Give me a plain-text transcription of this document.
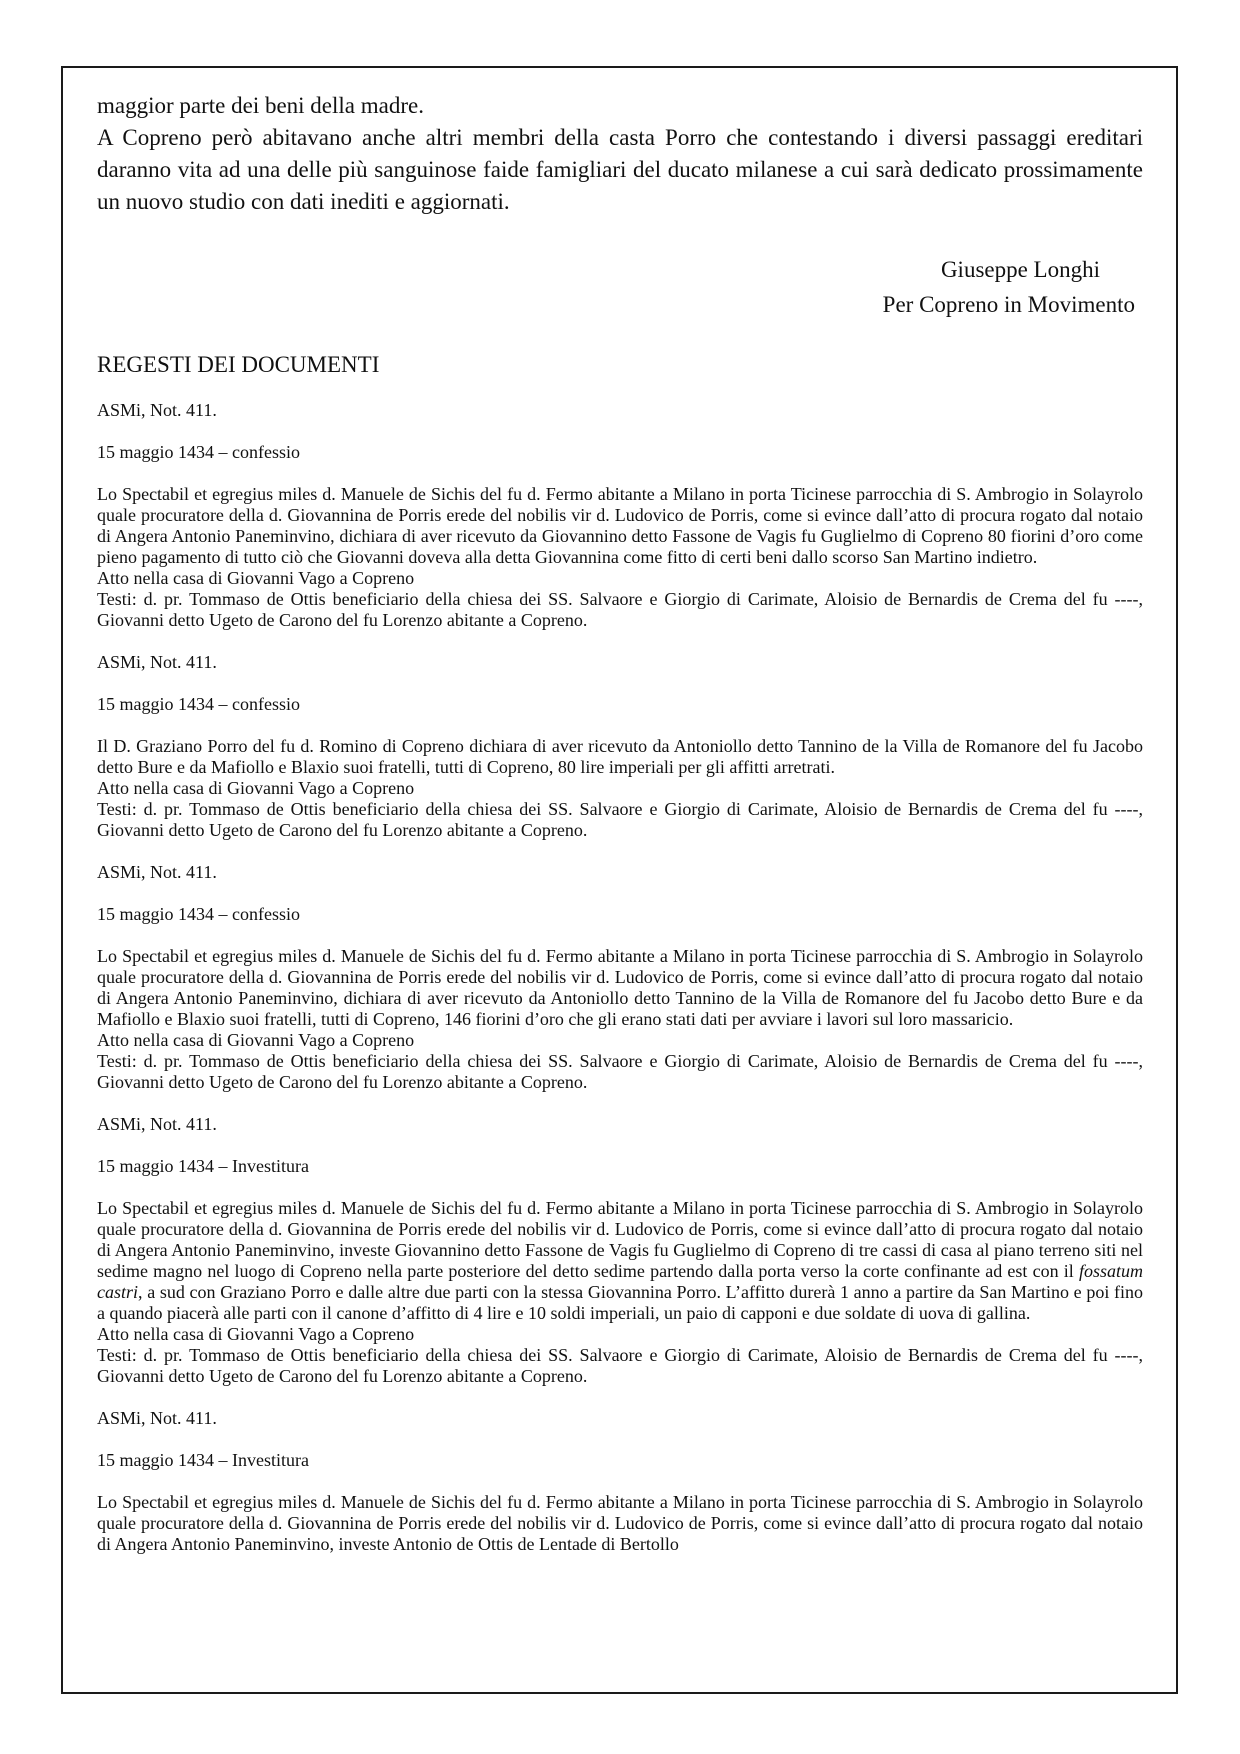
maggior parte dei beni della madre.

A Copreno però abitavano anche altri membri della casta Porro che contestando i diversi passaggi ereditari daranno vita ad una delle più sanguinose faide famigliari del ducato milanese a cui sarà dedicato prossimamente un nuovo studio con dati inediti e aggiornati.

Giuseppe Longhi
Per Copreno in Movimento
REGESTI DEI DOCUMENTI
ASMi, Not. 411.
15 maggio 1434 – confessio

Lo Spectabil et egregius miles d. Manuele de Sichis del fu d. Fermo abitante a Milano in porta Ticinese parrocchia di S. Ambrogio in Solayrolo quale procuratore della d. Giovannina de Porris erede del nobilis vir d. Ludovico de Porris, come si evince dall’atto di procura rogato dal notaio di Angera Antonio Paneminvino, dichiara di aver ricevuto da Giovannino detto Fassone de Vagis fu Guglielmo di Copreno 80 fiorini d’oro come pieno pagamento di tutto ciò che Giovanni doveva alla detta Giovannina come fitto di certi beni dallo scorso San Martino indietro.

Atto nella casa di Giovanni Vago a Copreno

Testi: d. pr. Tommaso de Ottis beneficiario della chiesa dei SS. Salvaore e Giorgio di Carimate, Aloisio de Bernardis de Crema del fu ----, Giovanni detto Ugeto de Carono del fu Lorenzo abitante a Copreno.

ASMi, Not. 411.
15 maggio 1434 – confessio

Il D. Graziano Porro del fu d. Romino di Copreno dichiara di aver ricevuto da Antoniollo detto Tannino de la Villa de Romanore del fu Jacobo detto Bure e da Mafiollo e Blaxio suoi fratelli, tutti di Copreno, 80 lire imperiali per gli affitti arretrati.

Atto nella casa di Giovanni Vago a Copreno

Testi: d. pr. Tommaso de Ottis beneficiario della chiesa dei SS. Salvaore e Giorgio di Carimate, Aloisio de Bernardis de Crema del fu ----, Giovanni detto Ugeto de Carono del fu Lorenzo abitante a Copreno.

ASMi, Not. 411.
15 maggio 1434 – confessio

Lo Spectabil et egregius miles d. Manuele de Sichis del fu d. Fermo abitante a Milano in porta Ticinese parrocchia di S. Ambrogio in Solayrolo quale procuratore della d. Giovannina de Porris erede del nobilis vir d. Ludovico de Porris, come si evince dall’atto di procura rogato dal notaio di Angera Antonio Paneminvino, dichiara di aver ricevuto da Antoniollo detto Tannino de la Villa de Romanore del fu Jacobo detto Bure e da Mafiollo e Blaxio suoi fratelli, tutti di Copreno, 146 fiorini d’oro che gli erano stati dati per avviare i lavori sul loro massaricio.

Atto nella casa di Giovanni Vago a Copreno

Testi: d. pr. Tommaso de Ottis beneficiario della chiesa dei SS. Salvaore e Giorgio di Carimate, Aloisio de Bernardis de Crema del fu ----, Giovanni detto Ugeto de Carono del fu Lorenzo abitante a Copreno.

ASMi, Not. 411.
15 maggio 1434 – Investitura

Lo Spectabil et egregius miles d. Manuele de Sichis del fu d. Fermo abitante a Milano in porta Ticinese parrocchia di S. Ambrogio in Solayrolo quale procuratore della d. Giovannina de Porris erede del nobilis vir d. Ludovico de Porris, come si evince dall’atto di procura rogato dal notaio di Angera Antonio Paneminvino, investe Giovannino detto Fassone de Vagis fu Guglielmo di Copreno di tre cassi di casa al piano terreno siti nel sedime magno nel luogo di Copreno nella parte posteriore del detto sedime partendo dalla porta verso la corte confinante ad est con il fossatum castri, a sud con Graziano Porro e dalle altre due parti con la stessa Giovannina Porro. L’affitto durerà 1 anno a partire da San Martino e poi fino a quando piacerà alle parti con il canone d’affitto di 4 lire e 10 soldi imperiali, un paio di capponi e due soldate di uova di gallina.

Atto nella casa di Giovanni Vago a Copreno

Testi: d. pr. Tommaso de Ottis beneficiario della chiesa dei SS. Salvaore e Giorgio di Carimate, Aloisio de Bernardis de Crema del fu ----, Giovanni detto Ugeto de Carono del fu Lorenzo abitante a Copreno.

ASMi, Not. 411.
15 maggio 1434 – Investitura

Lo Spectabil et egregius miles d. Manuele de Sichis del fu d. Fermo abitante a Milano in porta Ticinese parrocchia di S. Ambrogio in Solayrolo quale procuratore della d. Giovannina de Porris erede del nobilis vir d. Ludovico de Porris, come si evince dall’atto di procura rogato dal notaio di Angera Antonio Paneminvino, investe Antonio de Ottis de Lentade di Bertollo
